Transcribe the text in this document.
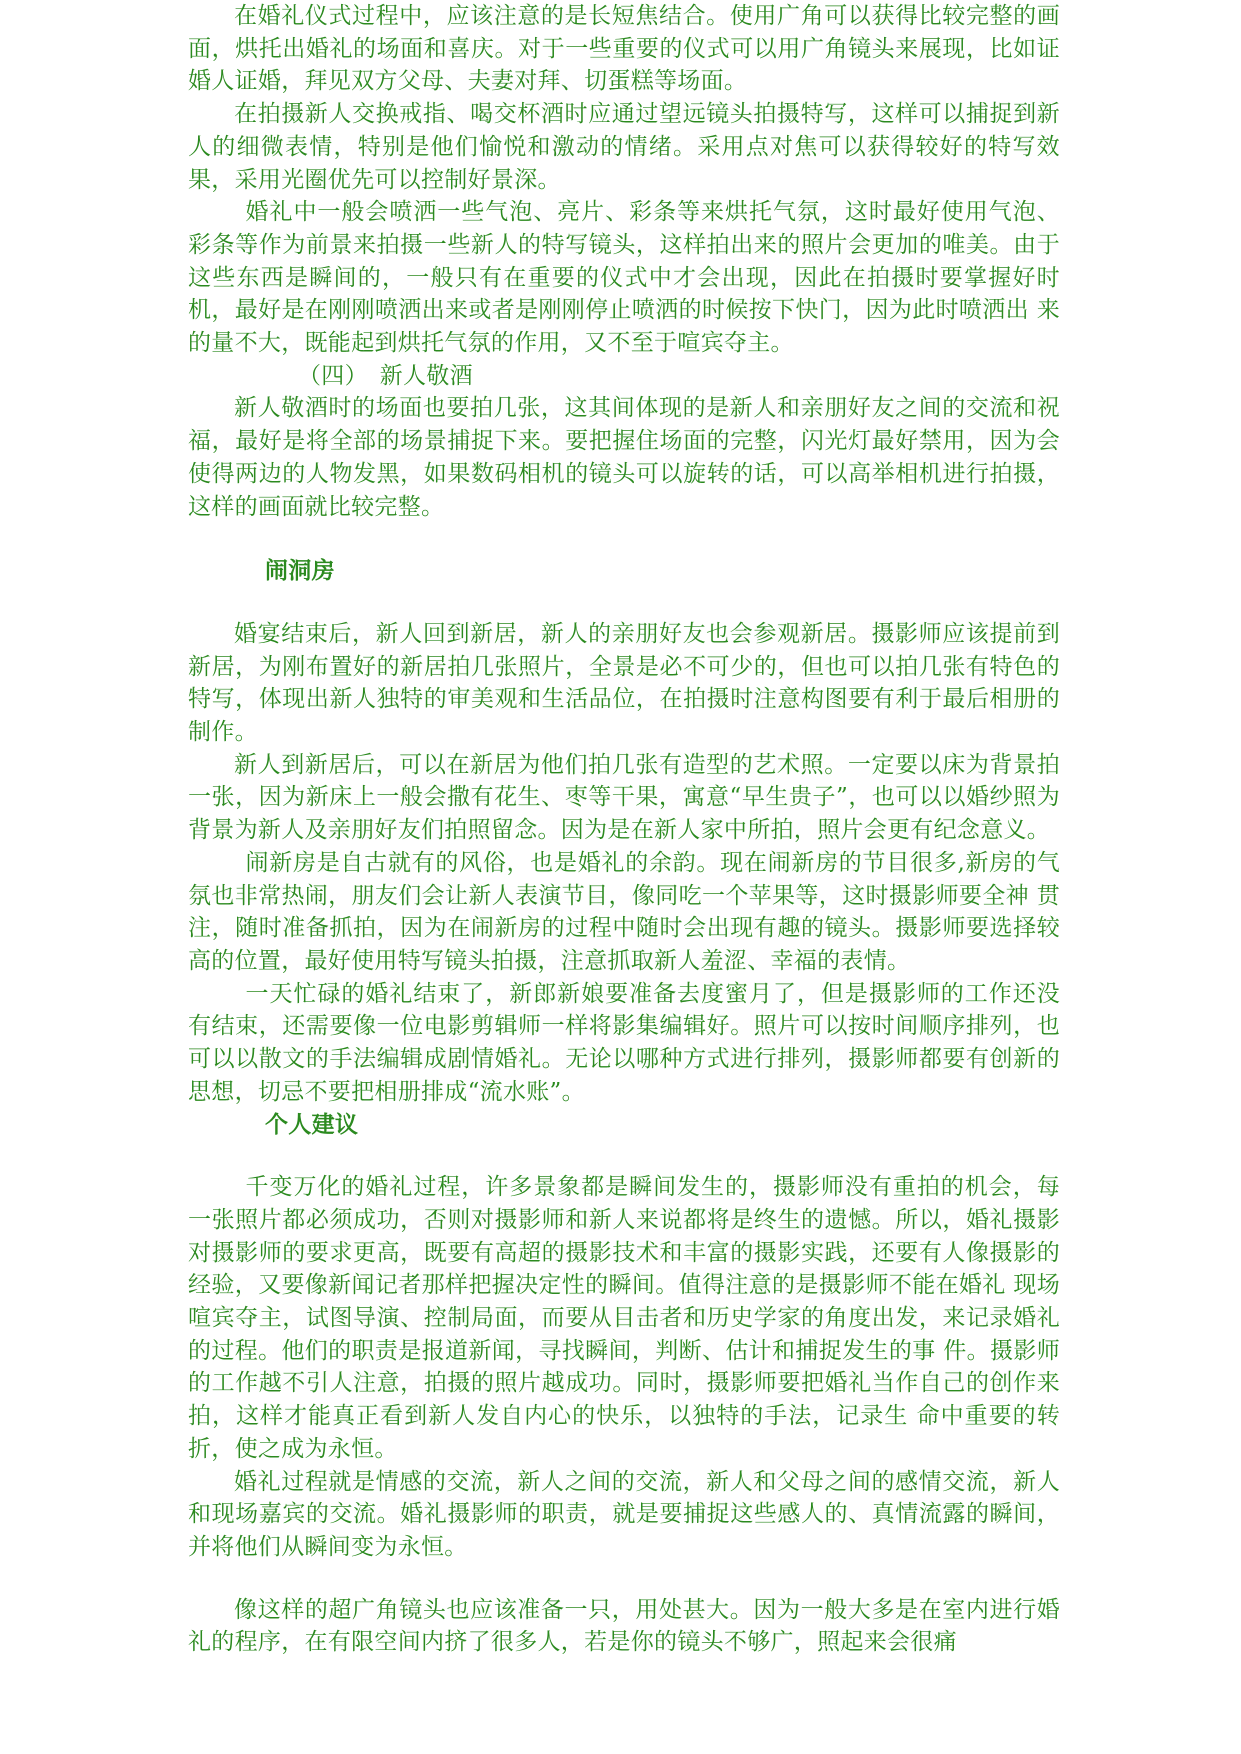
在婚礼仪式过程中，应该注意的是长短焦结合。使用广角可以获得比较完整的画面，烘托出婚礼的场面和喜庆。对于一些重要的仪式可以用广角镜头来展现，比如证婚人证婚，拜见双方父母、夫妻对拜、切蛋糕等场面。

在拍摄新人交换戒指、喝交杯酒时应通过望远镜头拍摄特写，这样可以捕捉到新人的细微表情，特别是他们愉悦和激动的情绪。采用点对焦可以获得较好的特写效果，采用光圈优先可以控制好景深。

婚礼中一般会喷洒一些气泡、亮片、彩条等来烘托气氛，这时最好使用气泡、彩条等作为前景来拍摄一些新人的特写镜头，这样拍出来的照片会更加的唯美。由于 这些东西是瞬间的，一般只有在重要的仪式中才会出现，因此在拍摄时要掌握好时机，最好是在刚刚喷洒出来或者是刚刚停止喷洒的时候按下快门，因为此时喷洒出 来的量不大，既能起到烘托气氛的作用，又不至于喧宾夺主。

（四）　新人敬酒

新人敬酒时的场面也要拍几张，这其间体现的是新人和亲朋好友之间的交流和祝福，最好是将全部的场景捕捉下来。要把握住场面的完整，闪光灯最好禁用，因为会使得两边的人物发黑，如果数码相机的镜头可以旋转的话，可以高举相机进行拍摄，这样的画面就比较完整。

闹洞房

婚宴结束后，新人回到新居，新人的亲朋好友也会参观新居。摄影师应该提前到新居，为刚布置好的新居拍几张照片，全景是必不可少的，但也可以拍几张有特色的特写，体现出新人独特的审美观和生活品位，在拍摄时注意构图要有利于最后相册的制作。

新人到新居后，可以在新居为他们拍几张有造型的艺术照。一定要以床为背景拍一张，因为新床上一般会撒有花生、枣等干果，寓意“早生贵子”，也可以以婚纱照为背景为新人及亲朋好友们拍照留念。因为是在新人家中所拍，照片会更有纪念意义。

闹新房是自古就有的风俗，也是婚礼的余韵。现在闹新房的节目很多,新房的气氛也非常热闹，朋友们会让新人表演节目，像同吃一个苹果等，这时摄影师要全神 贯注，随时准备抓拍，因为在闹新房的过程中随时会出现有趣的镜头。摄影师要选择较高的位置，最好使用特写镜头拍摄，注意抓取新人羞涩、幸福的表情。

一天忙碌的婚礼结束了，新郎新娘要准备去度蜜月了，但是摄影师的工作还没有结束，还需要像一位电影剪辑师一样将影集编辑好。照片可以按时间顺序排列，也 可以以散文的手法编辑成剧情婚礼。无论以哪种方式进行排列，摄影师都要有创新的思想，切忌不要把相册排成“流水账”。

个人建议

千变万化的婚礼过程，许多景象都是瞬间发生的，摄影师没有重拍的机会，每一张照片都必须成功，否则对摄影师和新人来说都将是终生的遗憾。所以，婚礼摄影 对摄影师的要求更高，既要有高超的摄影技术和丰富的摄影实践，还要有人像摄影的经验，又要像新闻记者那样把握决定性的瞬间。值得注意的是摄影师不能在婚礼 现场喧宾夺主，试图导演、控制局面，而要从目击者和历史学家的角度出发，来记录婚礼的过程。他们的职责是报道新闻，寻找瞬间，判断、估计和捕捉发生的事 件。摄影师的工作越不引人注意，拍摄的照片越成功。同时，摄影师要把婚礼当作自己的创作来拍，这样才能真正看到新人发自内心的快乐，以独特的手法，记录生 命中重要的转折，使之成为永恒。

婚礼过程就是情感的交流，新人之间的交流，新人和父母之间的感情交流，新人和现场嘉宾的交流。婚礼摄影师的职责，就是要捕捉这些感人的、真情流露的瞬间，并将他们从瞬间变为永恒。

像这样的超广角镜头也应该准备一只，用处甚大。因为一般大多是在室内进行婚礼的程序，在有限空间内挤了很多人，若是你的镜头不够广，照起来会很痛
